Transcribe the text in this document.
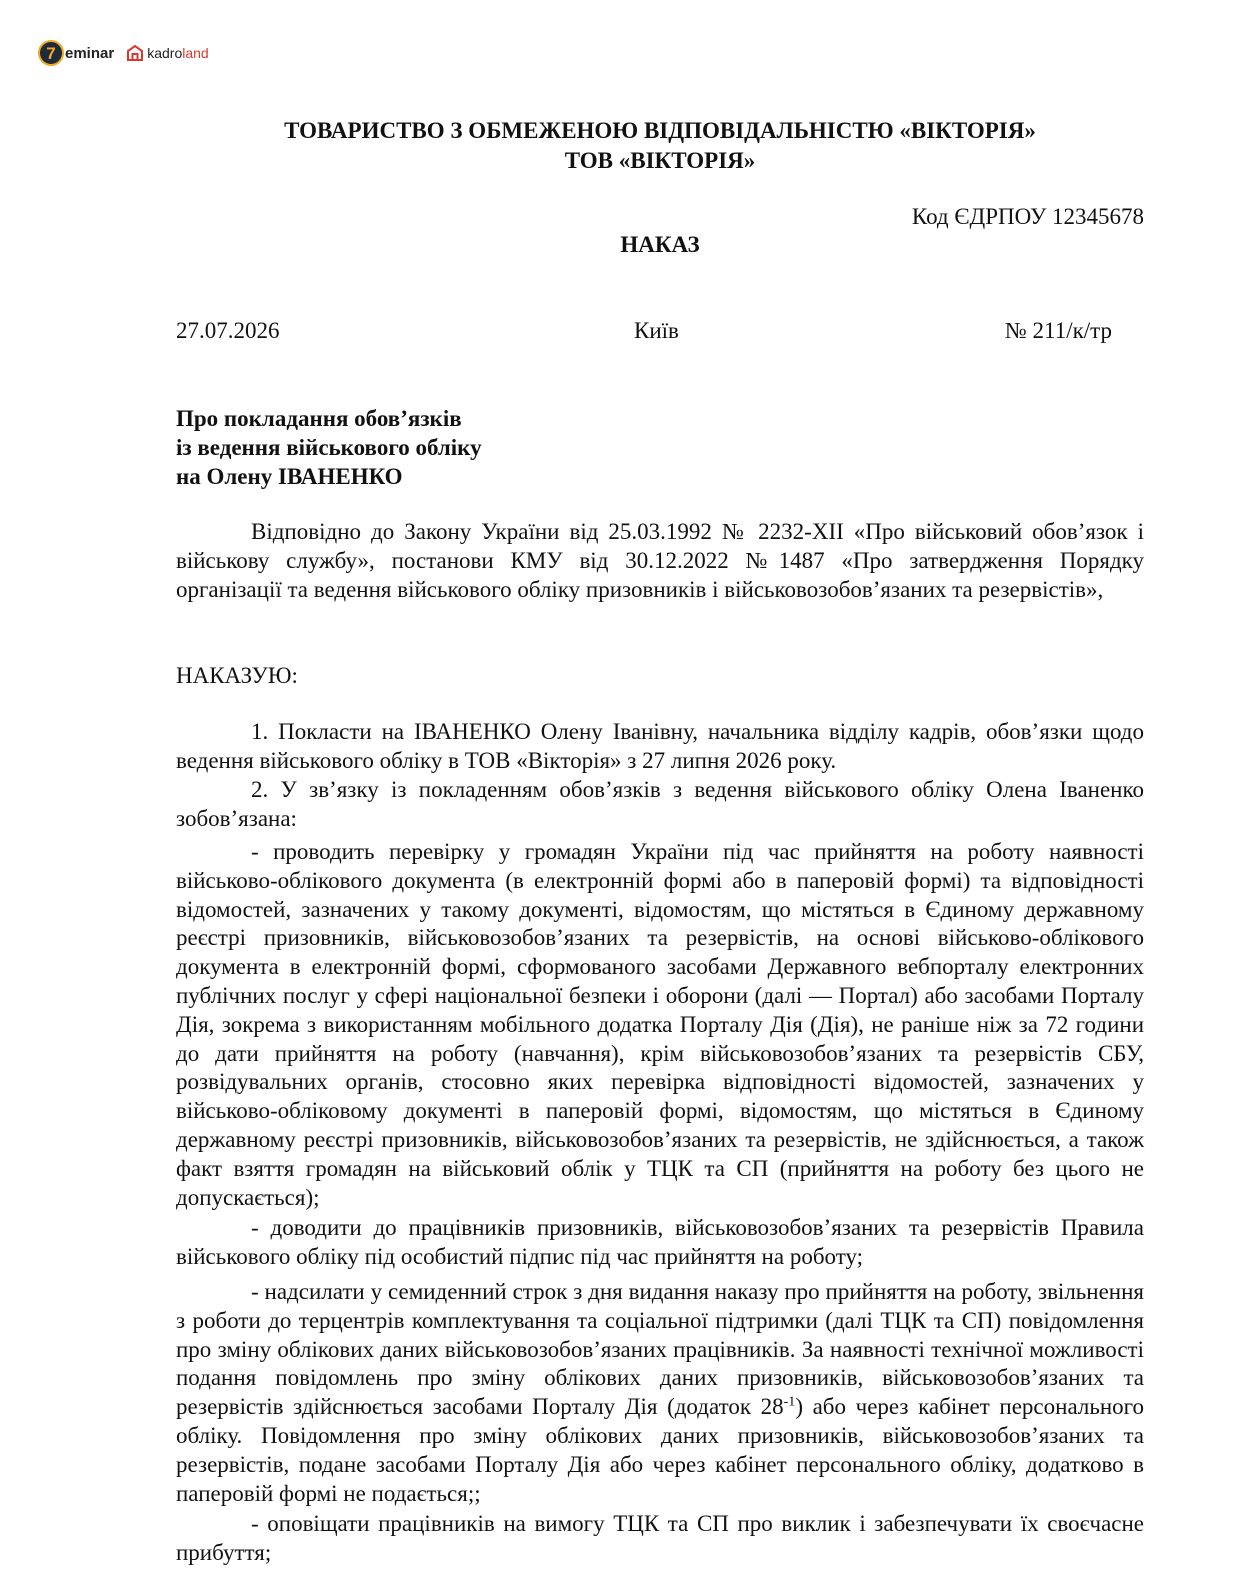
7 eminar kadroland
ТОВАРИСТВО З ОБМЕЖЕНОЮ ВІДПОВІДАЛЬНІСТЮ «ВІКТОРІЯ»
ТОВ «ВІКТОРІЯ»
Код ЄДРПОУ 12345678
НАКАЗ
27.07.2026	Київ	№ 211/к/тр
Про покладання обов’язків
із ведення військового обліку
на Олену ІВАНЕНКО
Відповідно до Закону України від 25.03.1992 № 2232-XII «Про військовий обов’язок і військову службу», постанови КМУ від 30.12.2022 №1487 «Про затвердження Порядку організації та ведення військового обліку призовників і військовозобов’язаних та резервістів»,
НАКАЗУЮ:
1. Покласти на ІВАНЕНКО Олену Іванівну, начальника відділу кадрів, обов’язки щодо ведення військового обліку в ТОВ «Вікторія» з 27 липня 2026 року.
2. У зв’язку із покладенням обов’язків з ведення військового обліку Олена Іваненко зобов’язана:
- проводить перевірку у громадян України під час прийняття на роботу наявності військово-облікового документа (в електронній формі або в паперовій формі) та відповідності відомостей, зазначених у такому документі, відомостям, що містяться в Єдиному державному реєстрі призовників, військовозобов’язаних та резервістів, на основі військово-облікового документа в електронній формі, сформованого засобами Державного вебпорталу електронних публічних послуг у сфері національної безпеки і оборони (далі — Портал) або засобами Порталу Дія, зокрема з використанням мобільного додатка Порталу Дія (Дія), не раніше ніж за 72 години до дати прийняття на роботу (навчання), крім військовозобов’язаних та резервістів СБУ, розвідувальних органів, стосовно яких перевірка відповідності відомостей, зазначених у військово-обліковому документі в паперовій формі, відомостям, що містяться в Єдиному державному реєстрі призовників, військовозобов’язаних та резервістів, не здійснюється, а також факт взяття громадян на військовий облік у ТЦК та СП (прийняття на роботу без цього не допускається);
- доводити до працівників призовників, військовозобов’язаних та резервістів Правила військового обліку під особистий підпис під час прийняття на роботу;
- надсилати у семиденний строк з дня видання наказу про прийняття на роботу, звільнення з роботи до терцентрів комплектування та соціальної підтримки (далі ТЦК та СП) повідомлення про зміну облікових даних військовозобов’язаних працівників. За наявності технічної можливості подання повідомлень про зміну облікових даних призовників, військовозобов’язаних та резервістів здійснюється засобами Порталу Дія (додаток $28^{-1}$) або через кабінет персонального обліку. Повідомлення про зміну облікових даних призовників, військовозобов’язаних та резервістів, подане засобами Порталу Дія або через кабінет персонального обліку, додатково в паперовій формі не подається;;
- оповіщати працівників на вимогу ТЦК та СП про виклик і забезпечувати їх своєчасне прибуття;
